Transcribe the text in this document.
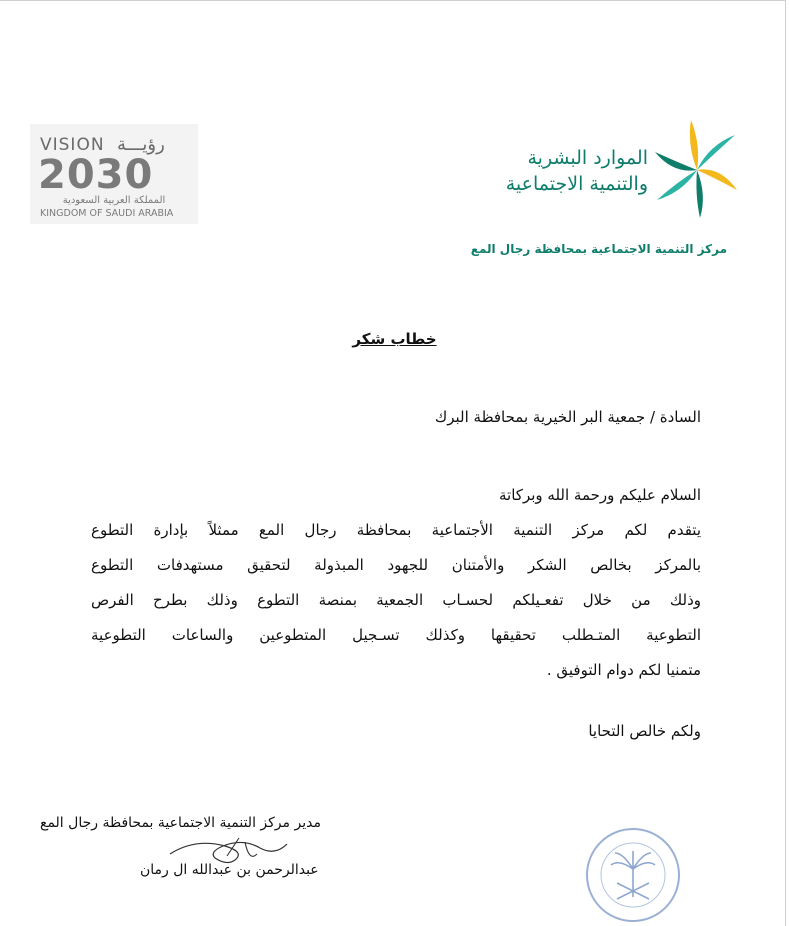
VISION رؤيـــة
2030
المملكة العربية السعودية
KINGDOM OF SAUDI ARABIA
الموارد البشرية
والتنمية الاجتماعية
مركز التنمية الاجتماعية بمحافظة رجال المع
خطاب شكر
السادة / جمعية البر الخيرية بمحافظة البرك
السلام عليكم ورحمة الله وبركاتة
يتقدم لكم مركز التنمية الأجتماعية بمحافظة رجال المع ممثلاً بإدارة التطوع
بالمركز بخالص الشكر والأمتنان للجهود المبذولة لتحقيق مستهدفات التطوع
وذلك من خلال تفعـيلكم لحسـاب الجمعية بمنصة التطوع وذلك بطرح الفرص
التطوعية المتـطلب تحقيقها وكذلك تسـجيل المتطوعين والساعات التطوعية
متمنيا لكم دوام التوفيق .
ولكم خالص التحايا
مدير مركز التنمية الاجتماعية بمحافظة رجال المع
عبدالرحمن بن عبدالله ال رمان
